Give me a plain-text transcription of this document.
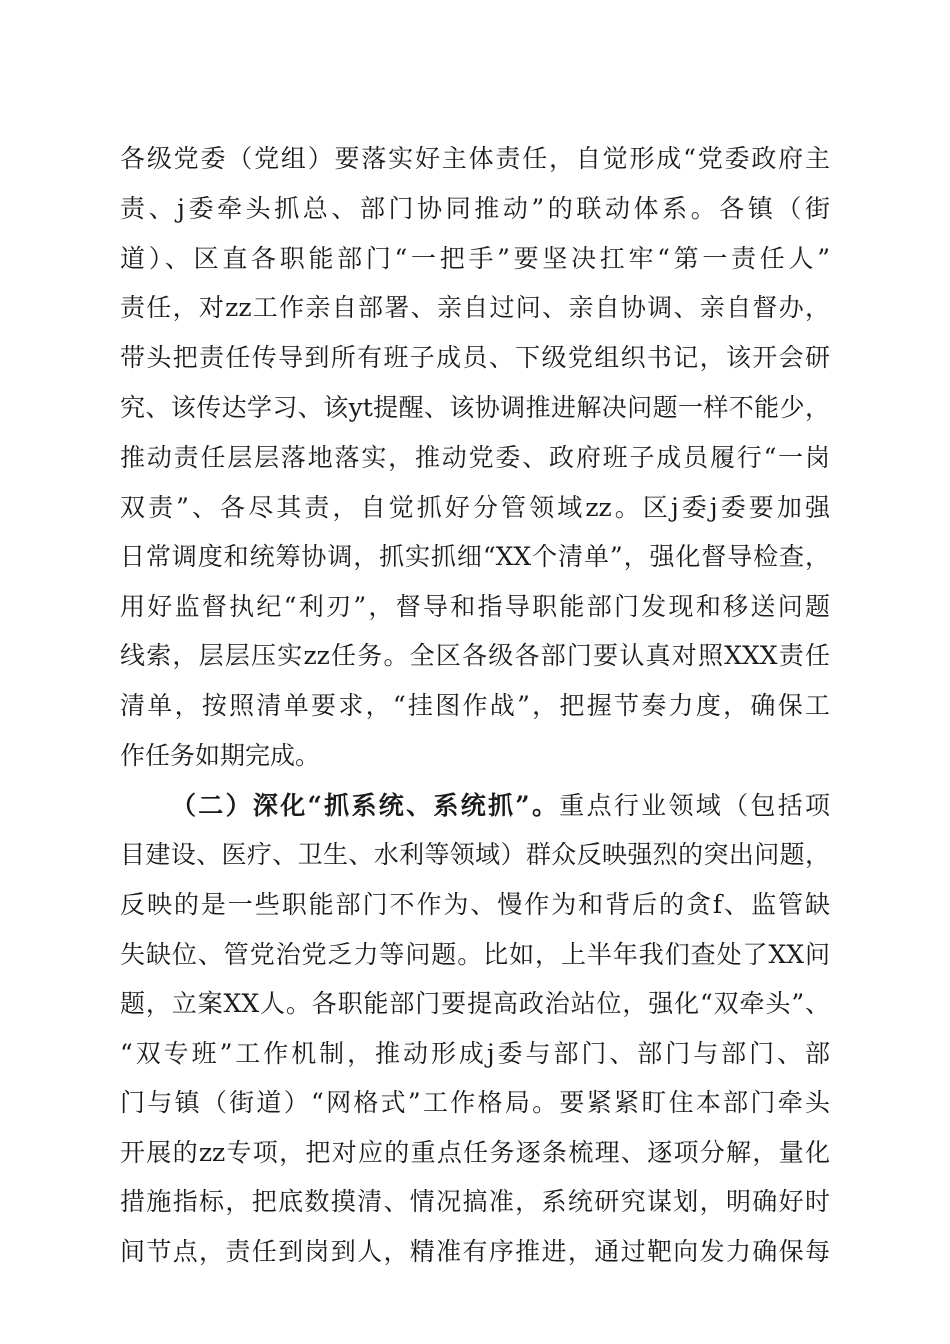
各级党委（党组）要落实好主体责任，自觉形成“党委政府主
责、j委牵头抓总、部门协同推动”的联动体系。各镇（街
道）、区直各职能部门“一把手”要坚决扛牢“第一责任人”
责任，对zz工作亲自部署、亲自过问、亲自协调、亲自督办，
带头把责任传导到所有班子成员、下级党组织书记，该开会研
究、该传达学习、该yt提醒、该协调推进解决问题一样不能少，
推动责任层层落地落实，推动党委、政府班子成员履行“一岗
双责”、各尽其责，自觉抓好分管领域zz。区j委j委要加强
日常调度和统筹协调，抓实抓细“XX个清单”，强化督导检查，
用好监督执纪“利刃”，督导和指导职能部门发现和移送问题
线索，层层压实zz任务。全区各级各部门要认真对照XXX责任
清单，按照清单要求，“挂图作战”，把握节奏力度，确保工
作任务如期完成。
（二）深化“抓系统、系统抓”。重点行业领域（包括项
目建设、医疗、卫生、水利等领域）群众反映强烈的突出问题，
反映的是一些职能部门不作为、慢作为和背后的贪f、监管缺
失缺位、管党治党乏力等问题。比如，上半年我们查处了XX问
题，立案XX人。各职能部门要提高政治站位，强化“双牵头”、
“双专班”工作机制，推动形成j委与部门、部门与部门、部
门与镇（街道）“网格式”工作格局。要紧紧盯住本部门牵头
开展的zz专项，把对应的重点任务逐条梳理、逐项分解，量化
措施指标，把底数摸清、情况搞准，系统研究谋划，明确好时
间节点，责任到岗到人，精准有序推进，通过靶向发力确保每
